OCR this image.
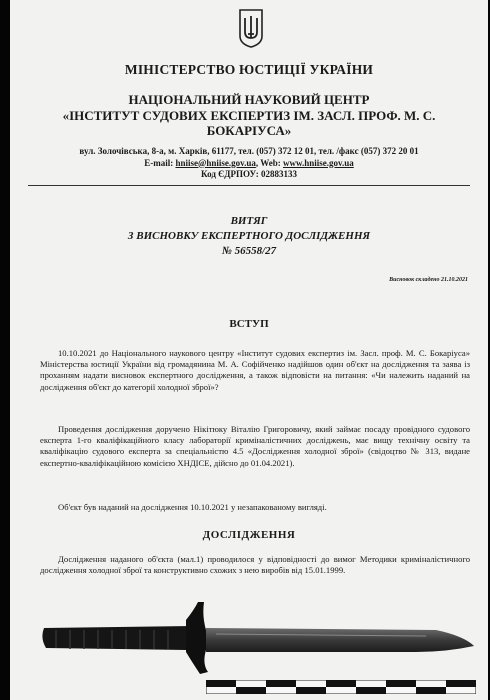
МІНІСТЕРСТВО ЮСТИЦІЇ УКРАЇНИ
НАЦІОНАЛЬНИЙ НАУКОВИЙ ЦЕНТР
«ІНСТИТУТ СУДОВИХ ЕКСПЕРТИЗ ІМ. ЗАСЛ. ПРОФ. М. С.
БОКАРІУСА»
вул. Золочівська, 8-а, м. Харків, 61177, тел. (057) 372 12 01, тел. /факс (057) 372 20 01
E-mail: hniise@hniise.gov.ua, Web: www.hniise.gov.ua
Код ЄДРПОУ: 02883133
ВИТЯГ
З ВИСНОВКУ ЕКСПЕРТНОГО ДОСЛІДЖЕННЯ
№ 56558/27
Висновок складено 21.10.2021
ВСТУП
10.10.2021 до Національного наукового центру «Інститут судових експертиз ім. Засл. проф. М. С. Бокаріуса» Міністерства юстиції України від громадянина М. А. Софійченко надійшов один об'єкт на дослідження та заява із проханням надати висновок експертного дослідження, а також відповісти на питання: «Чи належить наданий на дослідження об'єкт до категорії холодної зброї»?
Проведення дослідження доручено Нікітюку Віталію Григоровичу, який займає посаду провідного судового експерта 1-го кваліфікаційного класу лабораторії криміналістичних досліджень, має вищу технічну освіту та кваліфікацію судового експерта за спеціальністю 4.5 «Дослідження холодної зброї» (свідоцтво № 313, видане експертно-кваліфікаційною комісією ХНДІСЕ, дійсно до 01.04.2021).
Об'єкт був наданий на дослідження 10.10.2021 у незапакованому вигляді.
ДОСЛІДЖЕННЯ
Дослідження наданого об'єкта (мал.1) проводилося у відповідності до вимог Методики криміналістичного дослідження холодної зброї та конструктивно схожих з нею виробів від 15.01.1999.
